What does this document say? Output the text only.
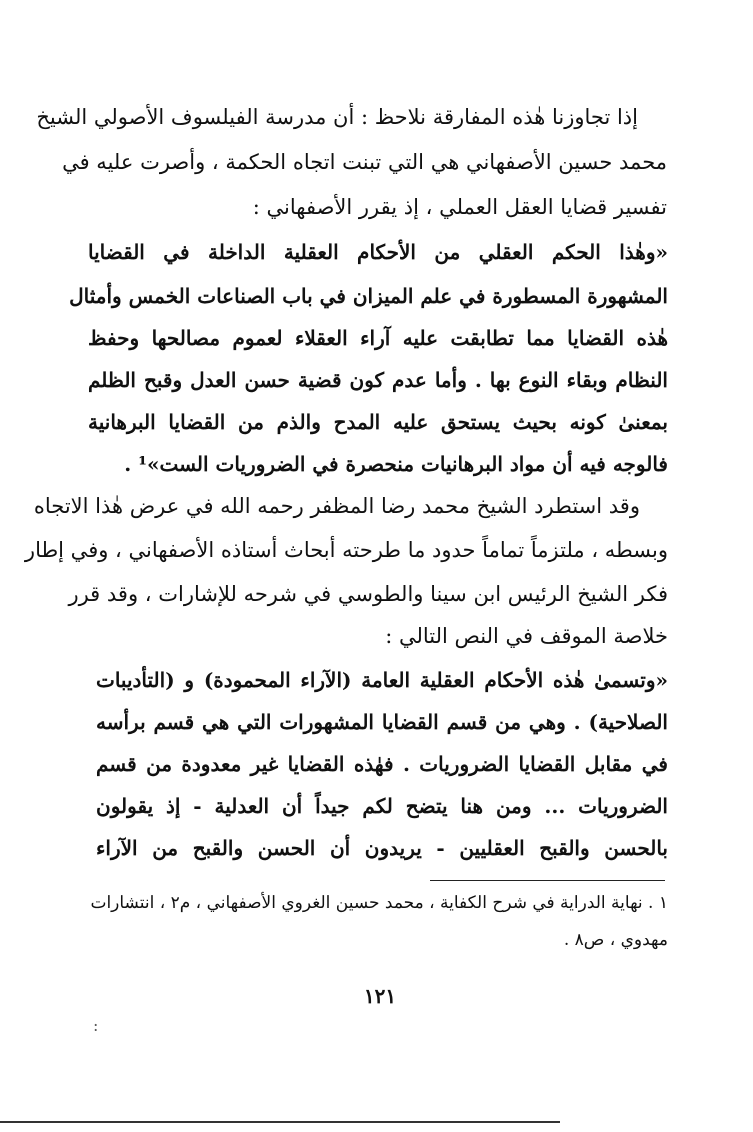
إذا تجاوزنا هٰذه المفارقة نلاحظ : أن مدرسة الفيلسوف الأصولي الشيخ
محمد حسين الأصفهاني هي التي تبنت اتجاه الحكمة ، وأصرت عليه في
تفسير قضايا العقل العملي ، إذ يقرر الأصفهاني :
«وهٰذا الحكم العقلي من الأحكام العقلية الداخلة في القضايا
المشهورة المسطورة في علم الميزان في باب الصناعات الخمس وأمثال
هٰذه القضايا مما تطابقت عليه آراء العقلاء لعموم مصالحها وحفظ
النظام وبقاء النوع بها . وأما عدم كون قضية حسن العدل وقبح الظلم
بمعنىٰ كونه بحيث يستحق عليه المدح والذم من القضايا البرهانية
فالوجه فيه أن مواد البرهانيات منحصرة في الضروريات الست»¹ .
وقد استطرد الشيخ محمد رضا المظفر رحمه الله في عرض هٰذا الاتجاه
وبسطه ، ملتزماً تماماً حدود ما طرحته أبحاث أستاذه الأصفهاني ، وفي إطار
فكر الشيخ الرئيس ابن سينا والطوسي في شرحه للإشارات ، وقد قرر
خلاصة الموقف في النص التالي :
«وتسمىٰ هٰذه الأحكام العقلية العامة (الآراء المحمودة) و (التأديبات
الصلاحية) . وهي من قسم القضايا المشهورات التي هي قسم برأسه
في مقابل القضايا الضروريات . فهٰذه القضايا غير معدودة من قسم
الضروريات ... ومن هنا يتضح لكم جيداً أن العدلية - إذ يقولون
بالحسن والقبح العقليين - يريدون أن الحسن والقبح من الآراء
١ . نهاية الدراية في شرح الكفاية ، محمد حسين الغروي الأصفهاني ، م٢ ، انتشارات
مهدوي ، ص٨ .
١٢١
:
